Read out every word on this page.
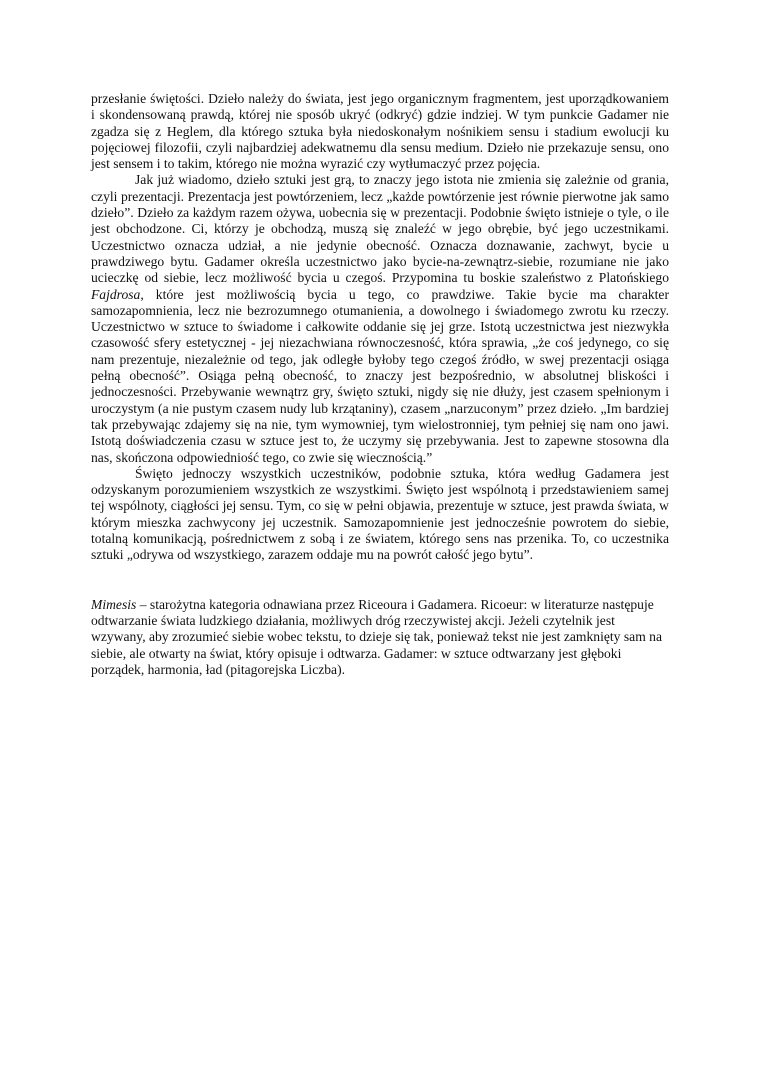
przesłanie świętości. Dzieło należy do świata, jest jego organicznym fragmentem, jest uporządkowaniem i skondensowaną prawdą, której nie sposób ukryć (odkryć) gdzie indziej. W tym punkcie Gadamer nie zgadza się z Heglem, dla którego sztuka była niedoskonałym nośnikiem sensu i stadium ewolucji ku pojęciowej filozofii, czyli najbardziej adekwatnemu dla sensu medium. Dzieło nie przekazuje sensu, ono jest sensem i to takim, którego nie można wyrazić czy wytłumaczyć przez pojęcia.

Jak już wiadomo, dzieło sztuki jest grą, to znaczy jego istota nie zmienia się zależnie od grania, czyli prezentacji. Prezentacja jest powtórzeniem, lecz „każde powtórzenie jest równie pierwotne jak samo dzieło”. Dzieło za każdym razem ożywa, uobecnia się w prezentacji. Podobnie święto istnieje o tyle, o ile jest obchodzone. Ci, którzy je obchodzą, muszą się znaleźć w jego obrębie, być jego uczestnikami. Uczestnictwo oznacza udział, a nie jedynie obecność. Oznacza doznawanie, zachwyt, bycie u prawdziwego bytu. Gadamer określa uczestnictwo jako bycie-na-zewnątrz-siebie, rozumiane nie jako ucieczkę od siebie, lecz możliwość bycia u czegoś. Przypomina tu boskie szaleństwo z Platońskiego Fajdrosa, które jest możliwością bycia u tego, co prawdziwe. Takie bycie ma charakter samozapomnienia, lecz nie bezrozumnego otumanienia, a dowolnego i świadomego zwrotu ku rzeczy. Uczestnictwo w sztuce to świadome i całkowite oddanie się jej grze. Istotą uczestnictwa jest niezwykła czasowość sfery estetycznej - jej niezachwiana równoczesność, która sprawia, „że coś jedynego, co się nam prezentuje, niezależnie od tego, jak odległe byłoby tego czegoś źródło, w swej prezentacji osiąga pełną obecność”. Osiąga pełną obecność, to znaczy jest bezpośrednio, w absolutnej bliskości i jednoczesności. Przebywanie wewnątrz gry, święto sztuki, nigdy się nie dłuży, jest czasem spełnionym i uroczystym (a nie pustym czasem nudy lub krzątaniny), czasem „narzuconym” przez dzieło. „Im bardziej tak przebywając zdajemy się na nie, tym wymowniej, tym wielostronniej, tym pełniej się nam ono jawi. Istotą doświadczenia czasu w sztuce jest to, że uczymy się przebywania. Jest to zapewne stosowna dla nas, skończona odpowiedniość tego, co zwie się wiecznością.”

Święto jednoczy wszystkich uczestników, podobnie sztuka, która według Gadamera jest odzyskanym porozumieniem wszystkich ze wszystkimi. Święto jest wspólnotą i przedstawieniem samej tej wspólnoty, ciągłości jej sensu. Tym, co się w pełni objawia, prezentuje w sztuce, jest prawda świata, w którym mieszka zachwycony jej uczestnik. Samozapomnienie jest jednocześnie powrotem do siebie, totalną komunikacją, pośrednictwem z sobą i ze światem, którego sens nas przenika. To, co uczestnika sztuki „odrywa od wszystkiego, zarazem oddaje mu na powrót całość jego bytu”.

Mimesis – starożytna kategoria odnawiana przez Riceoura i Gadamera. Ricoeur: w literaturze następuje odtwarzanie świata ludzkiego działania, możliwych dróg rzeczywistej akcji. Jeżeli czytelnik jest wzywany, aby zrozumieć siebie wobec tekstu, to dzieje się tak, ponieważ tekst nie jest zamknięty sam na siebie, ale otwarty na świat, który opisuje i odtwarza. Gadamer: w sztuce odtwarzany jest głęboki porządek, harmonia, ład (pitagorejska Liczba).
